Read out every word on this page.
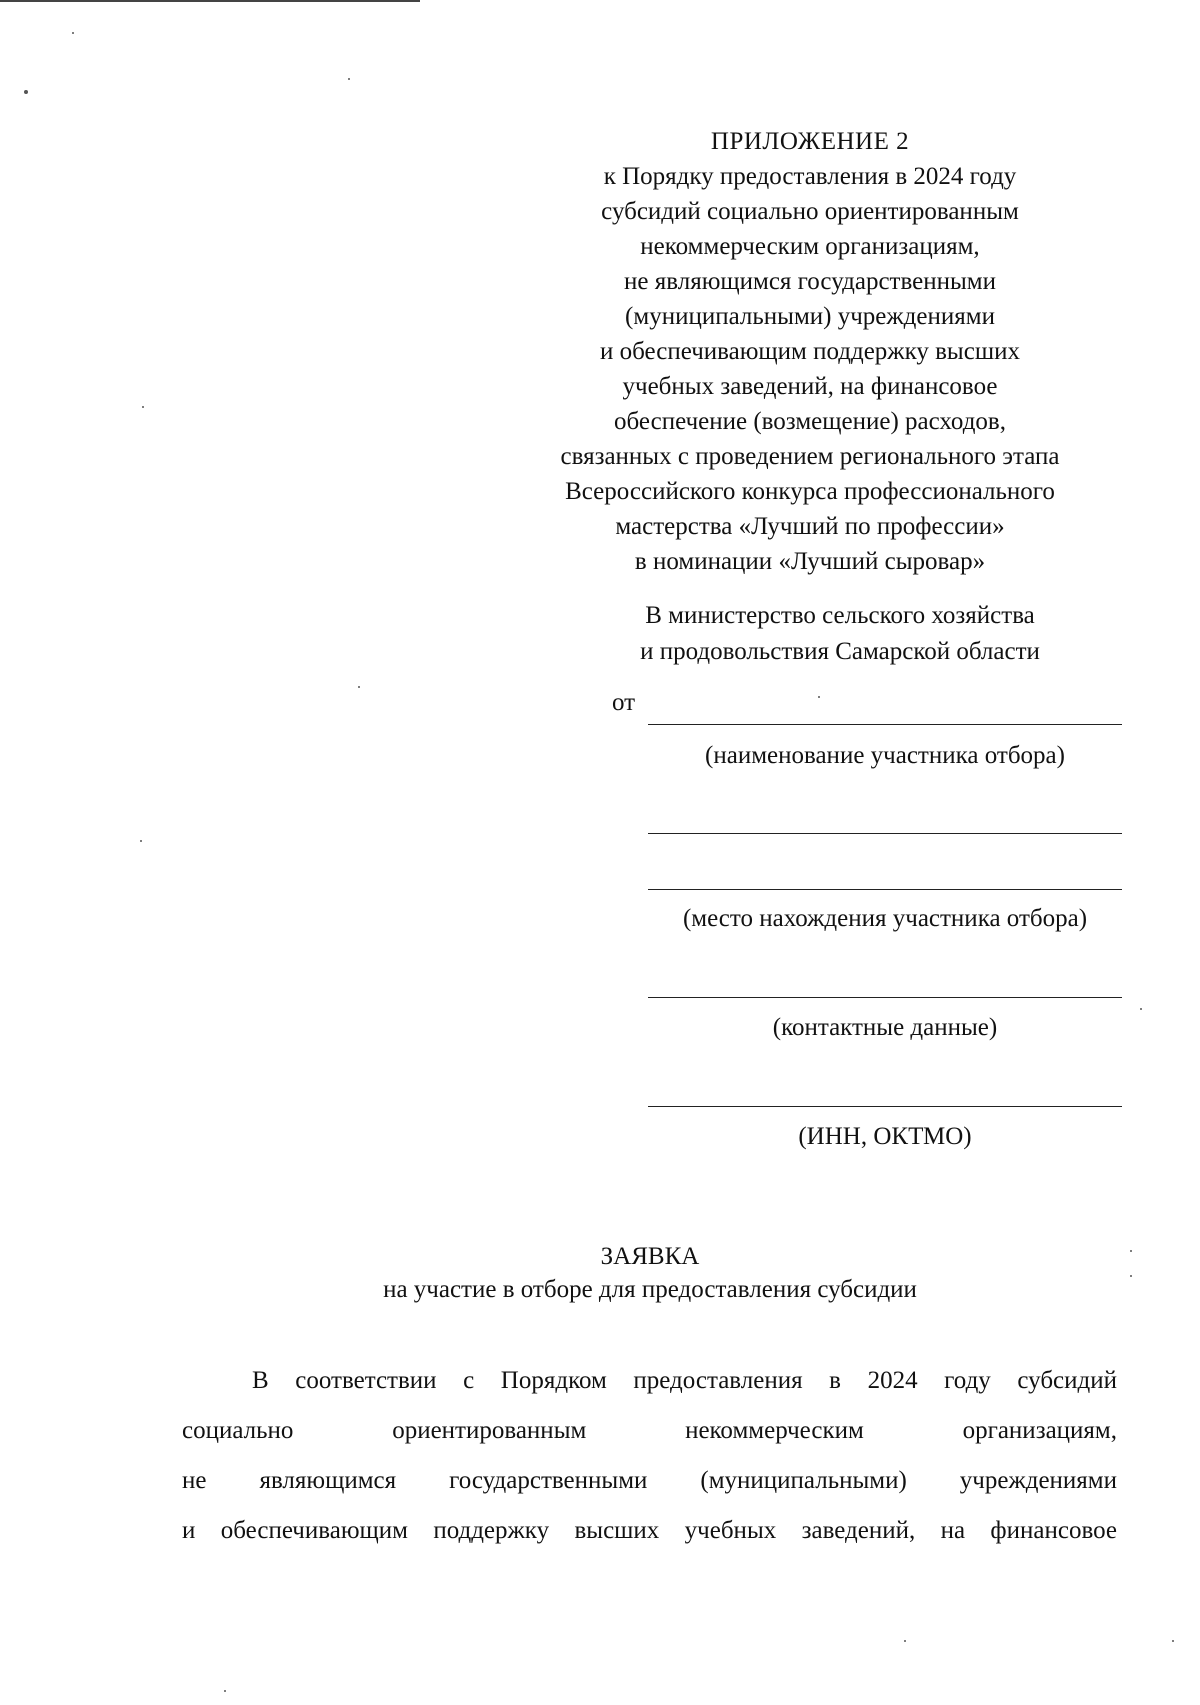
ПРИЛОЖЕНИЕ 2
к Порядку предоставления в 2024 году
субсидий социально ориентированным
некоммерческим организациям,
не являющимся государственными
(муниципальными) учреждениями
и обеспечивающим поддержку высших
учебных заведений, на финансовое
обеспечение (возмещение) расходов,
связанных с проведением регионального этапа
Всероссийского конкурса профессионального
мастерства «Лучший по профессии»
в номинации «Лучший сыровар»
В министерство сельского хозяйства
и продовольствия Самарской области
от
(наименование участника отбора)
(место нахождения участника отбора)
(контактные данные)
(ИНН, ОКТМО)
ЗАЯВКА
на участие в отборе для предоставления субсидии
В соответствии с Порядком предоставления в 2024 году субсидий
социально ориентированным некоммерческим организациям,
не являющимся государственными (муниципальными) учреждениями
и обеспечивающим поддержку высших учебных заведений, на финансовое
